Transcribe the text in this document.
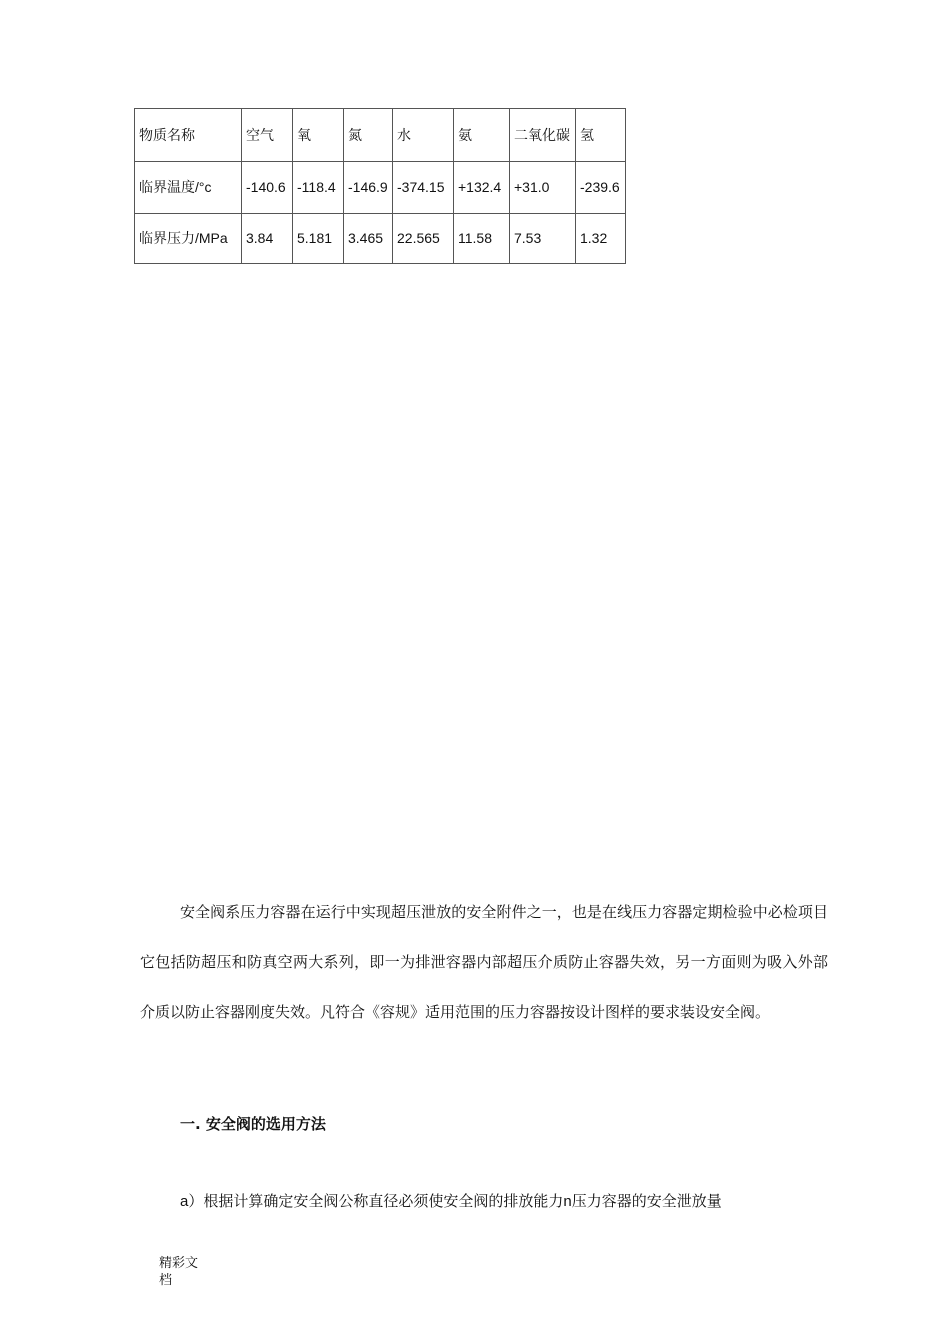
物质名称	空气	氧	氮	水	氨	二氧化碳	氢

临界温度/°c	-140.6	-118.4	-146.9	-374.15	+132.4	+31.0	-239.6

临界压力/MPa	3.84	5.181	3.465	22.565	11.58	7.53	1.32

安全阀系压力容器在运行中实现超压泄放的安全附件之一，也是在线压力容器定期检验中必检项目它包括防超压和防真空两大系列，即一为排泄容器内部超压介质防止容器失效，另一方面则为吸入外部介质以防止容器刚度失效。凡符合《容规》适用范围的压力容器按设计图样的要求装设安全阀。

一. 安全阀的选用方法

a）根据计算确定安全阀公称直径必须使安全阀的排放能力n压力容器的安全泄放量

精彩文档
